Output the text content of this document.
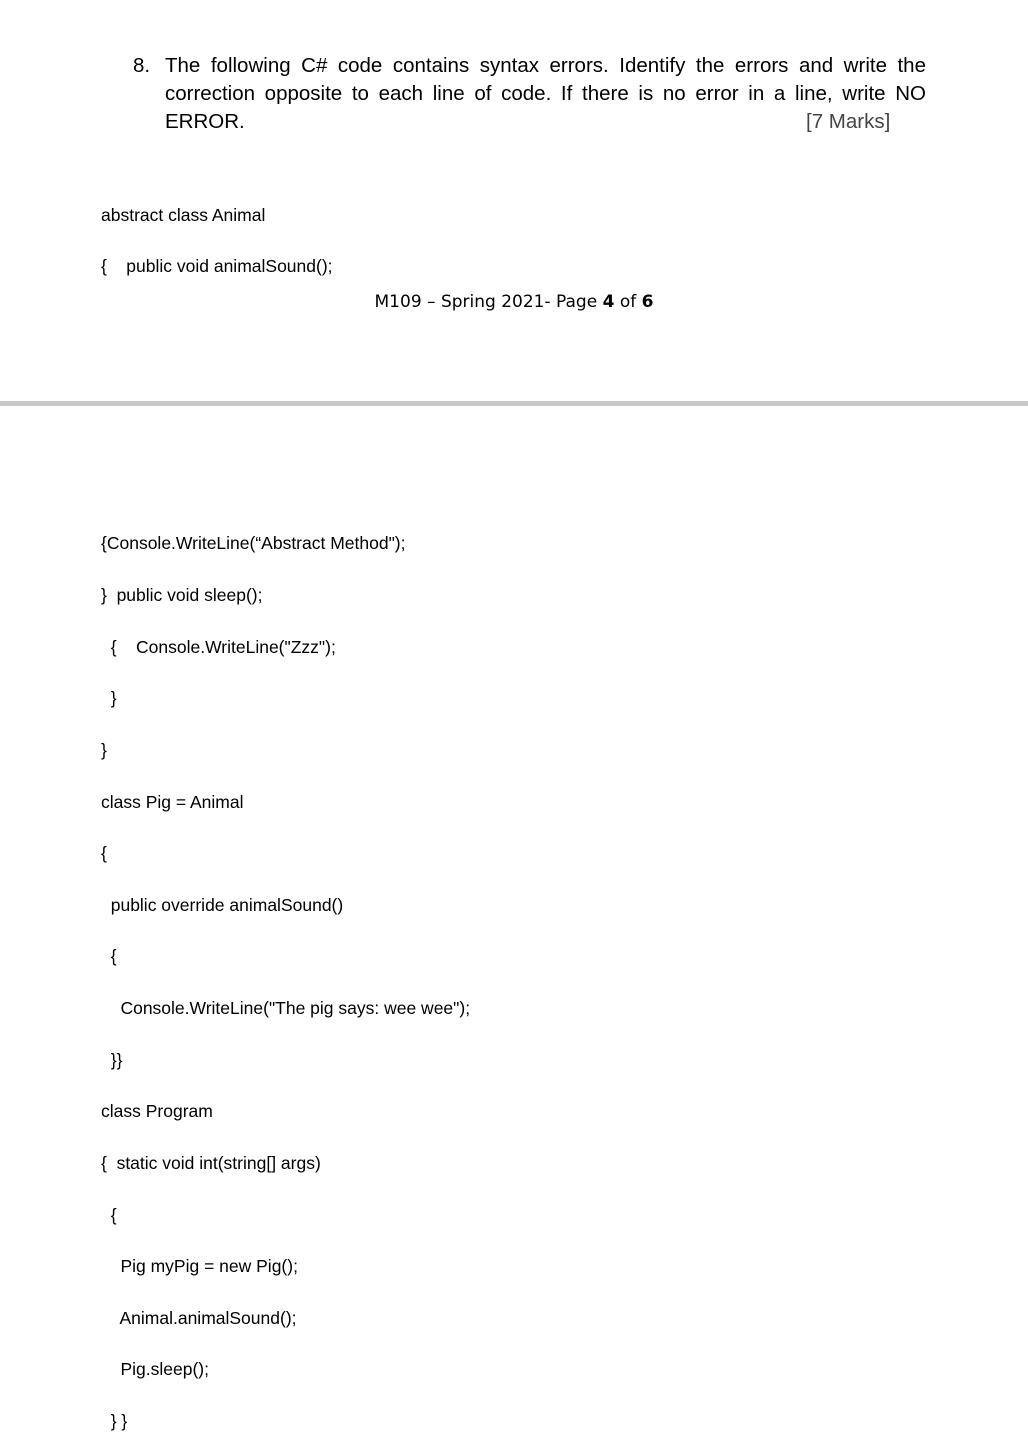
8. The following C# code contains syntax errors. Identify the errors and write the correction opposite to each line of code. If there is no error in a line, write NO ERROR.	[7 Marks]
abstract class Animal
{    public void animalSound();
M109 – Spring 2021- Page 4 of 6
{Console.WriteLine(“Abstract Method");
}  public void sleep();
{    Console.WriteLine("Zzz");
}
}
class Pig = Animal
{
public override animalSound()
{
Console.WriteLine("The pig says: wee wee");
}}
class Program
{  static void int(string[] args)
{
Pig myPig = new Pig();
Animal.animalSound();
Pig.sleep();
} }
